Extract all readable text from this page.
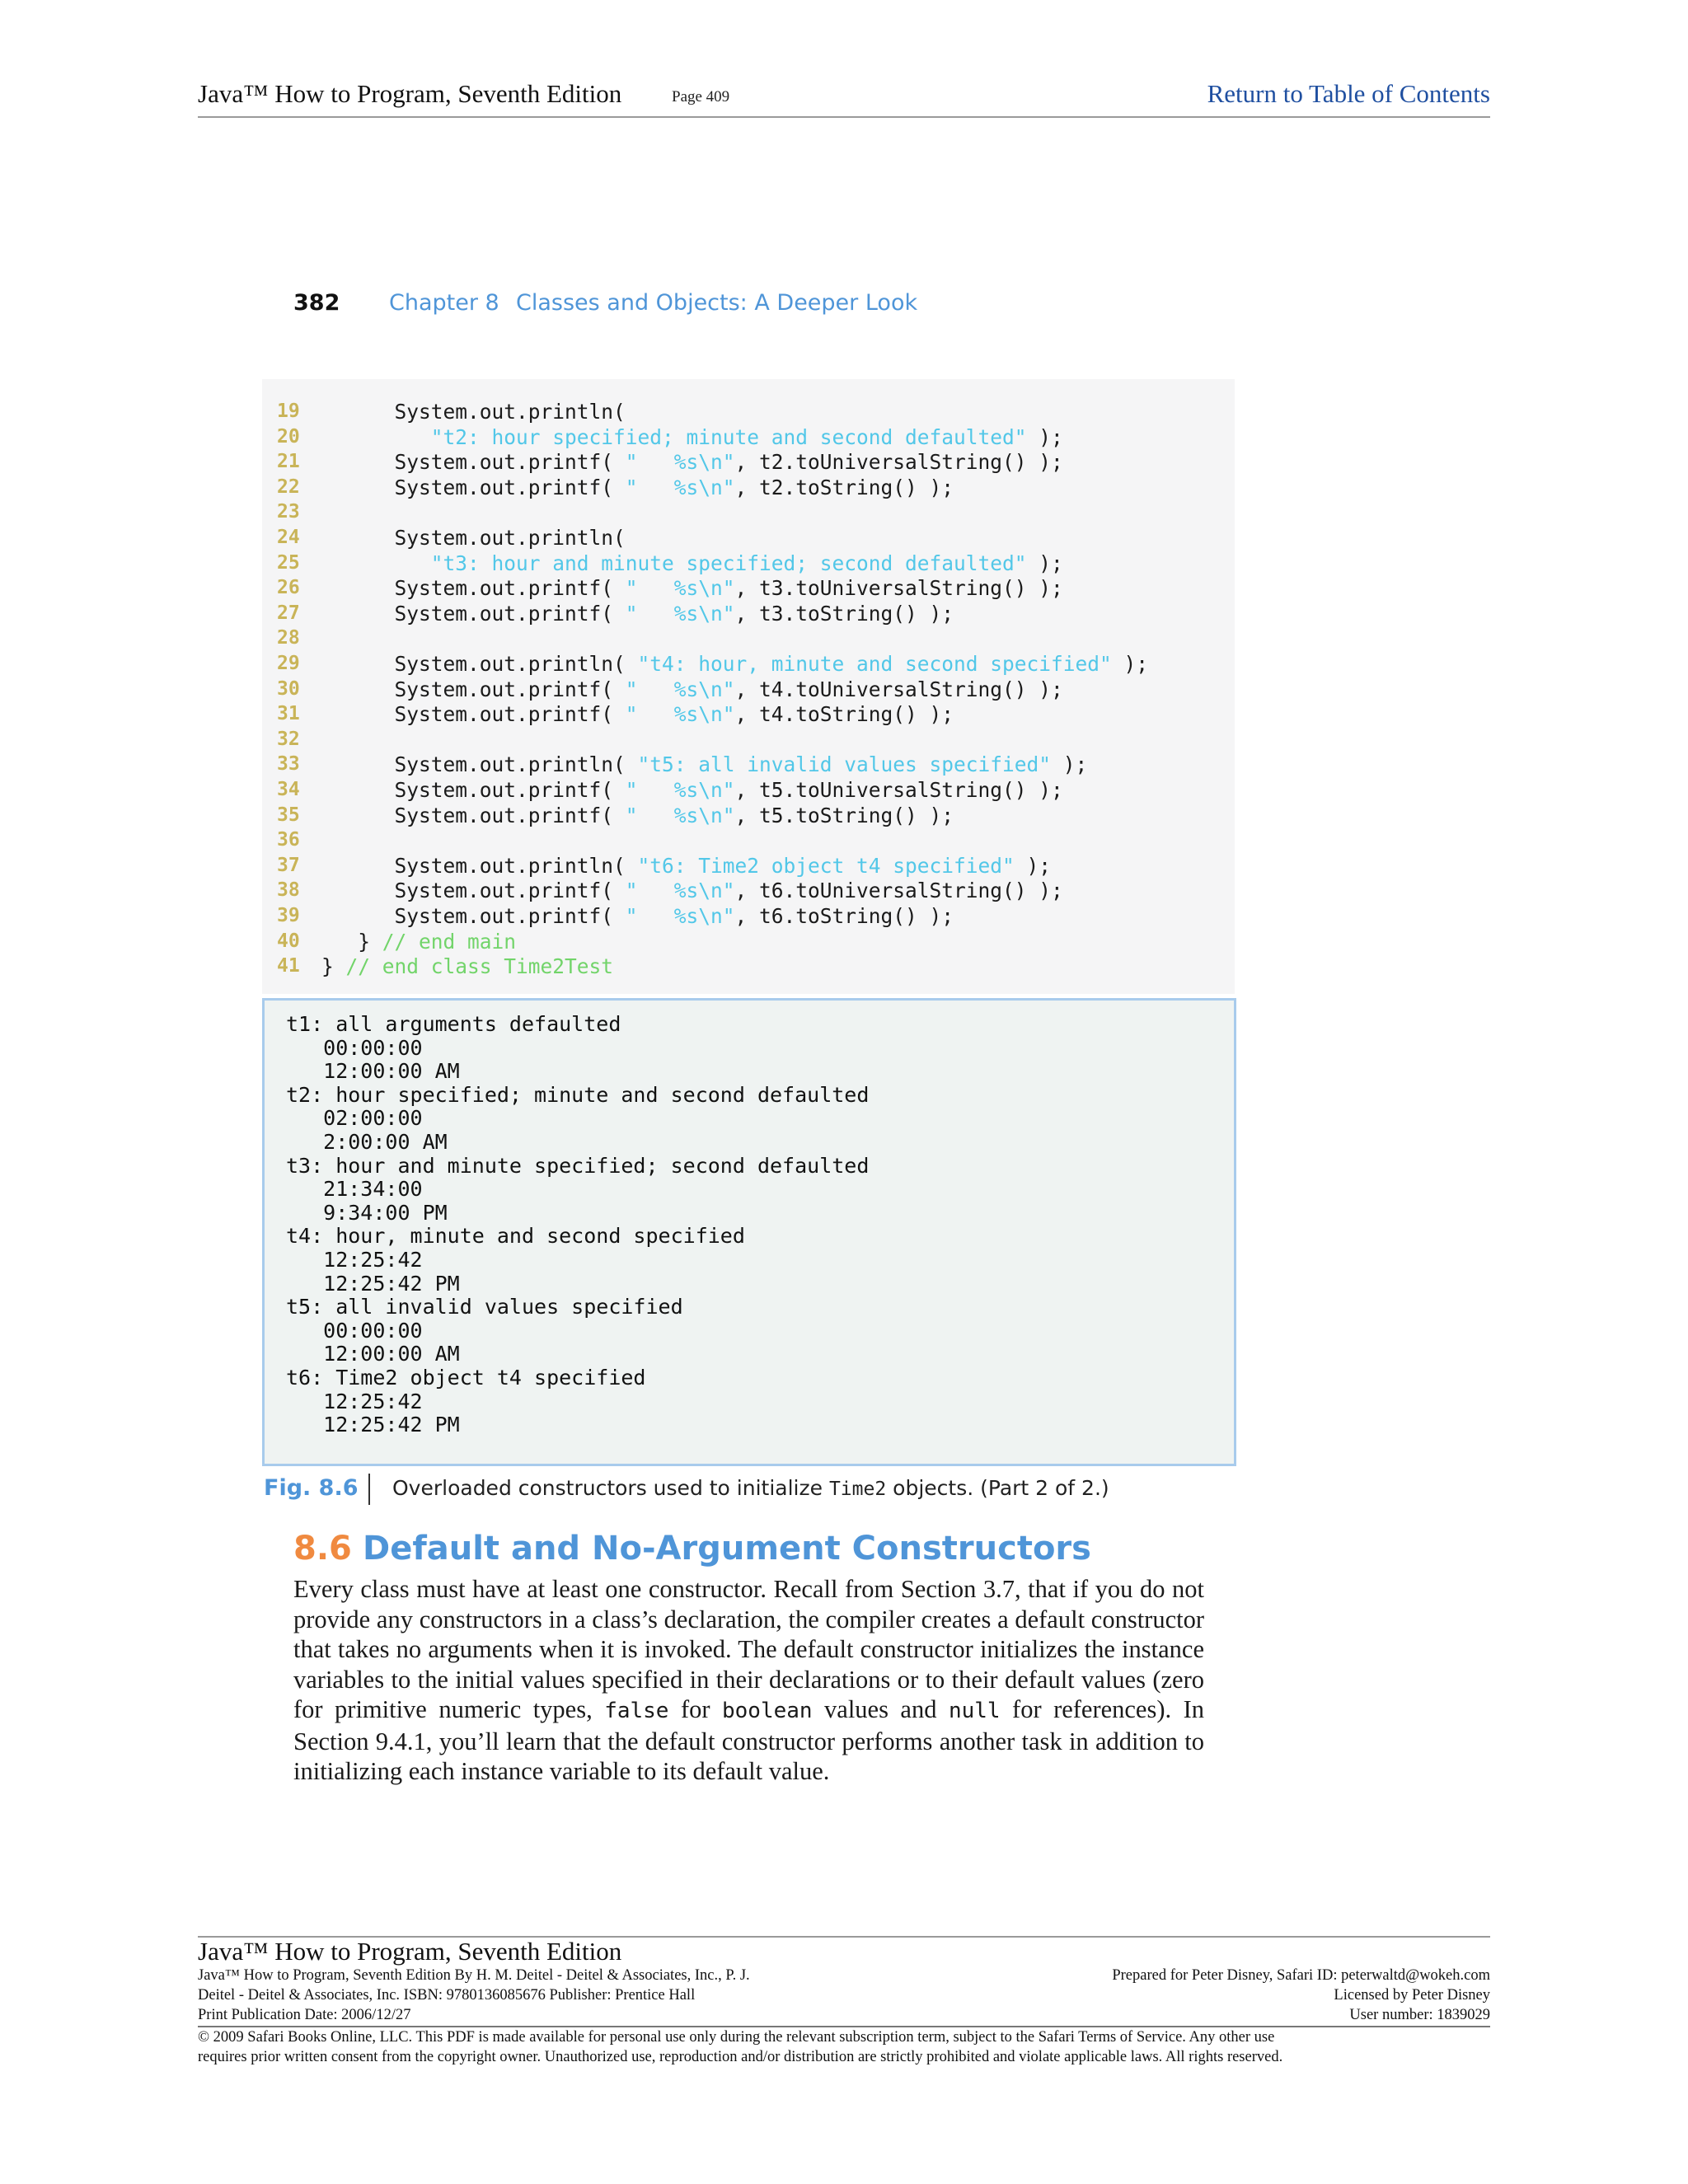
Java™ How to Program, Seventh Edition	Page 409	Return to Table of Contents
382 Chapter 8 Classes and Objects: A Deeper Look
19	System.out.println(
20	"t2: hour specified; minute and second defaulted" );
21	System.out.printf( "   %s\n", t2.toUniversalString() );
22	System.out.printf( "   %s\n", t2.toString() );
23
24	System.out.println(
25	"t3: hour and minute specified; second defaulted" );
26	System.out.printf( "   %s\n", t3.toUniversalString() );
27	System.out.printf( "   %s\n", t3.toString() );
28
29	System.out.println( "t4: hour, minute and second specified" );
30	System.out.printf( "   %s\n", t4.toUniversalString() );
31	System.out.printf( "   %s\n", t4.toString() );
32
33	System.out.println( "t5: all invalid values specified" );
34	System.out.printf( "   %s\n", t5.toUniversalString() );
35	System.out.printf( "   %s\n", t5.toString() );
36
37	System.out.println( "t6: Time2 object t4 specified" );
38	System.out.printf( "   %s\n", t6.toUniversalString() );
39	System.out.printf( "   %s\n", t6.toString() );
40	} // end main
41	} // end class Time2Test
t1: all arguments defaulted
00:00:00
12:00:00 AM
t2: hour specified; minute and second defaulted
02:00:00
2:00:00 AM
t3: hour and minute specified; second defaulted
21:34:00
9:34:00 PM
t4: hour, minute and second specified
12:25:42
12:25:42 PM
t5: all invalid values specified
00:00:00
12:00:00 AM
t6: Time2 object t4 specified
12:25:42
12:25:42 PM
Fig. 8.6 Overloaded constructors used to initialize Time2 objects. (Part 2 of 2.)
8.6 Default and No-Argument Constructors
Every class must have at least one constructor. Recall from Section 3.7, that if you do not provide any constructors in a class’s declaration, the compiler creates a default constructor that takes no arguments when it is invoked. The default constructor initializes the instance variables to the initial values specified in their declarations or to their default values (zero for primitive numeric types, false for boolean values and null for references). In Section 9.4.1, you’ll learn that the default constructor performs another task in addition to initializing each instance variable to its default value.
Java™ How to Program, Seventh Edition
Java™ How to Program, Seventh Edition By H. M. Deitel - Deitel & Associates, Inc., P. J.
Deitel - Deitel & Associates, Inc. ISBN: 9780136085676 Publisher: Prentice Hall
Print Publication Date: 2006/12/27
Prepared for Peter Disney, Safari ID: peterwaltd@wokeh.com
Licensed by Peter Disney
User number: 1839029
© 2009 Safari Books Online, LLC. This PDF is made available for personal use only during the relevant subscription term, subject to the Safari Terms of Service. Any other use
requires prior written consent from the copyright owner. Unauthorized use, reproduction and/or distribution are strictly prohibited and violate applicable laws. All rights reserved.
